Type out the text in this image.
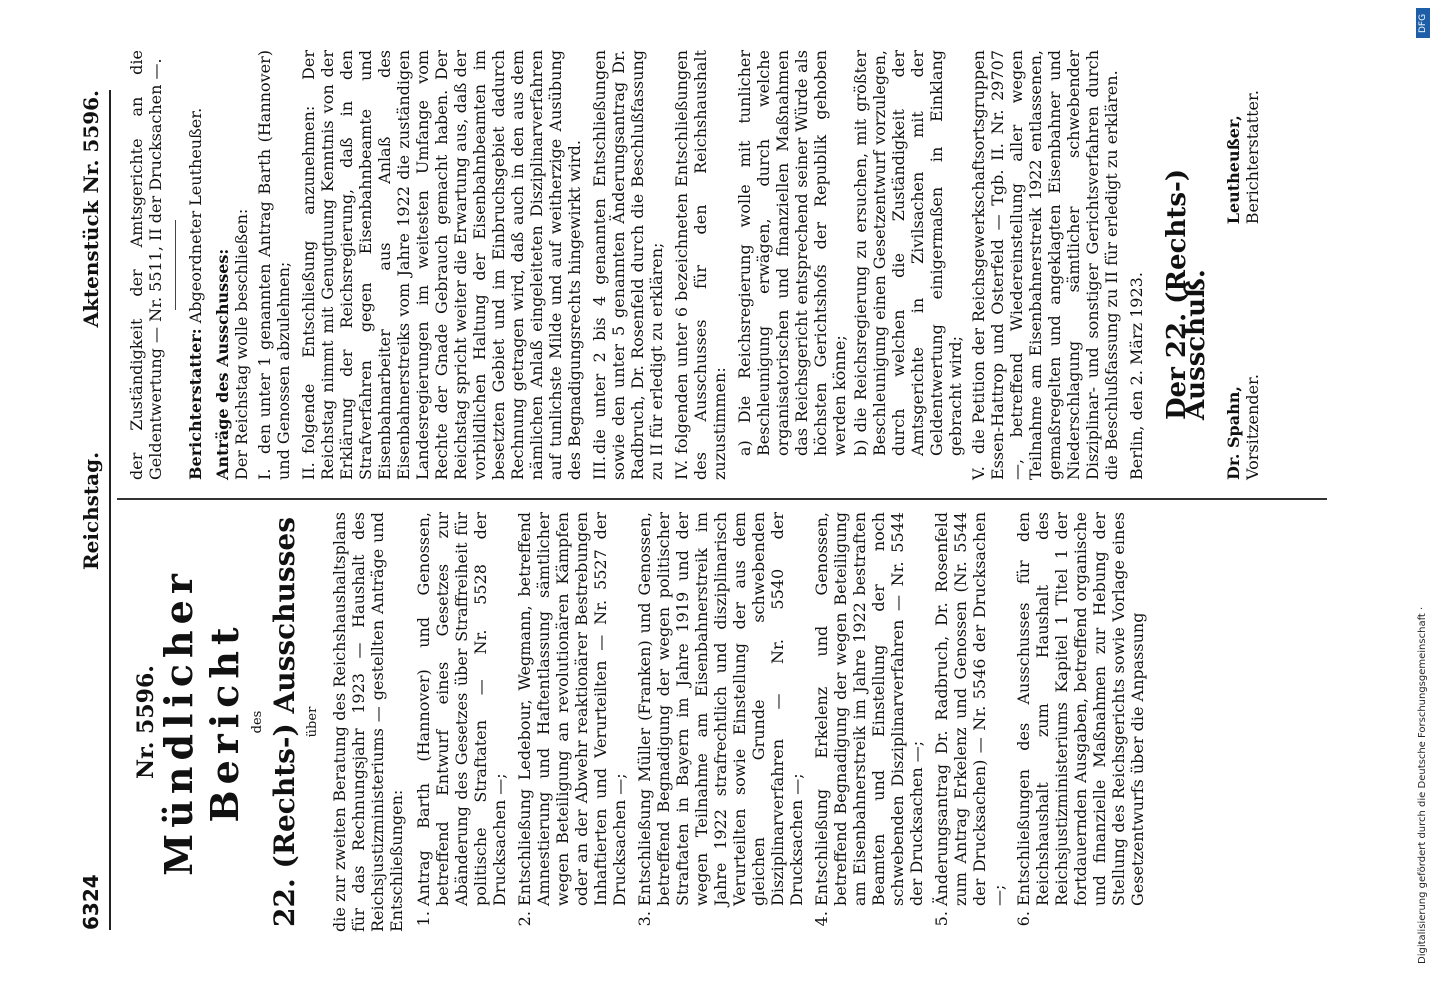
6324
Reichstag.
Aktenstück Nr. 5596.
Nr. 5596.
Mündlicher Bericht des 22. (Rechts-) Ausschusses über die zur zweiten Beratung des Reichshaushaltsplans für das Rechnungsjahr 1923 — Haushalt des Reichsjustizministeriums — gestellten Anträge und Entschließungen: 1. Antrag Barth (Hannover) und Genossen, betreffend Entwurf eines Gesetzes zur Abänderung des Gesetzes über Straffreiheit für politische Straftaten — Nr. 5528 der Drucksachen —; 2. Entschließung Ledebour, Wegmann, betreffend Amnestierung und Haftentlassung sämtlicher wegen Beteiligung an revolutionären Kämpfen oder an der Abwehr reaktionärer Bestrebungen Inhaftierten und Verurteilten — Nr. 5527 der Drucksachen —; 3. Entschließung Müller (Franken) und Genossen, betreffend Begnadigung der wegen politischer Straftaten in Bayern im Jahre 1919 und der wegen Teilnahme am Eisenbahnerstreik im Jahre 1922 strafrechtlich und disziplinarisch Verurteilten sowie Einstellung der aus dem gleichen Grunde schwebenden Disziplinarverfahren — Nr. 5540 der Drucksachen —; 4. Entschließung Erkelenz und Genossen, betreffend Begnadigung der wegen Beteiligung am Eisenbahnerstreik im Jahre 1922 bestraften Beamten und Einstellung der noch schwebenden Disziplinarverfahren — Nr. 5544 der Drucksachen —; 5. Änderungsantrag Dr. Radbruch, Dr. Rosenfeld zum Antrag Erkelenz und Genossen (Nr. 5544 der Drucksachen) — Nr. 5546 der Drucksachen —; 6. Entschließungen des Ausschusses für den Reichshaushalt zum Haushalt des Reichsjustizministeriums Kapitel 1 Titel 1 der fortdauernden Ausgaben, betreffend organische und finanzielle Maßnahmen zur Hebung der Stellung des Reichsgerichts sowie Vorlage eines Gesetzentwurfs über die Anpassung

der Zuständigkeit der Amtsgerichte an die Geldentwertung — Nr. 5511, II der Drucksachen —. Berichterstatter: Abgeordneter Leutheußer.
Anträge des Ausschusses: Der Reichstag wolle beschließen: I.den unter 1 genannten Antrag Barth (Hannover) und Genossen abzulehnen; II.folgende Entschließung anzunehmen: Der Reichstag nimmt mit Genugtuung Kenntnis von der Erklärung der Reichsregierung, daß in den Strafverfahren gegen Eisenbahnbeamte und Eisenbahnarbeiter aus Anlaß des Eisenbahnerstreiks vom Jahre 1922 die zuständigen Landesregierungen im weitesten Umfange vom Rechte der Gnade Gebrauch gemacht haben. Der Reichstag spricht weiter die Erwartung aus, daß der vorbildlichen Haltung der Eisenbahnbeamten im besetzten Gebiet und im Einbruchsgebiet dadurch Rechnung getragen wird, daß auch in den aus dem nämlichen Anlaß eingeleiteten Disziplinarverfahren auf tunlichste Milde und auf weitherzige Ausübung des Begnadigungsrechts hingewirkt wird. III.die unter 2 bis 4 genannten Entschließungen sowie den unter 5 genannten Änderungsantrag Dr. Radbruch, Dr. Rosenfeld durch die Beschlußfassung zu II für erledigt zu erklären; IV.folgenden unter 6 bezeichneten Entschließungen des Ausschusses für den Reichshaushalt zuzustimmen: a) Die Reichsregierung wolle mit tunlicher Beschleunigung erwägen, durch welche organisatorischen und finanziellen Maßnahmen das Reichsgericht entsprechend seiner Würde als höchsten Gerichtshofs der Republik gehoben werden könne; b) die Reichsregierung zu ersuchen, mit größter Beschleunigung einen Gesetzentwurf vorzulegen, durch welchen die Zuständigkeit der Amtsgerichte in Zivilsachen mit der Geldentwertung einigermaßen in Einklang gebracht wird;
V.die Petition der Reichsgewerkschaftsortsgruppen Essen-Hattrop und Osterfeld — Tgb. II. Nr. 29707 —, betreffend Wiedereinstellung aller wegen Teilnahme am Eisenbahnerstreik 1922 entlassenen, gemaßregelten und angeklagten Eisenbahner und Niederschlagung sämtlicher schwebender Disziplinar- und sonstiger Gerichtsverfahren durch die Beschlußfassung zu II für erledigt zu erklären. Berlin, den 2. März 1923. Der 22. (Rechts-) Ausschuß.
Dr. Spahn, Vorsitzender.
Leutheußer, Berichterstatter.
DFG
Digitalisierung gefördert durch die Deutsche Forschungsgemeinschaft ·
